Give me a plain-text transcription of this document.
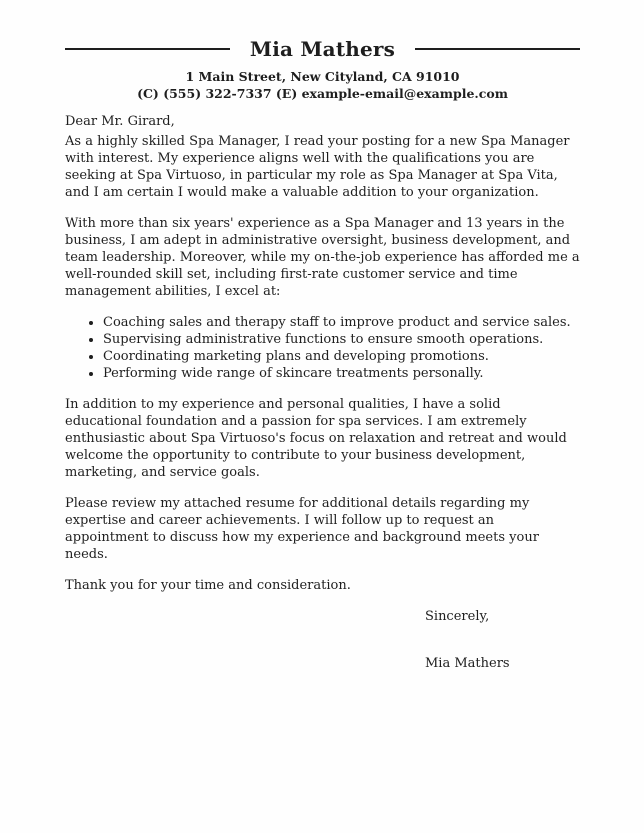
Mia Mathers
1 Main Street, New Cityland, CA 91010
(C) (555) 322-7337 (E) example-email@example.com

Dear Mr. Girard,

As a highly skilled Spa Manager, I read your posting for a new Spa Manager with interest. My experience aligns well with the qualifications you are seeking at Spa Virtuoso, in particular my role as Spa Manager at Spa Vita, and I am certain I would make a valuable addition to your organization.

With more than six years' experience as a Spa Manager and 13 years in the business, I am adept in administrative oversight, business development, and team leadership. Moreover, while my on-the-job experience has afforded me a well-rounded skill set, including first-rate customer service and time management abilities, I excel at:

• Coaching sales and therapy staff to improve product and service sales.
• Supervising administrative functions to ensure smooth operations.
• Coordinating marketing plans and developing promotions.
• Performing wide range of skincare treatments personally.

In addition to my experience and personal qualities, I have a solid educational foundation and a passion for spa services. I am extremely enthusiastic about Spa Virtuoso's focus on relaxation and retreat and would welcome the opportunity to contribute to your business development, marketing, and service goals.

Please review my attached resume for additional details regarding my expertise and career achievements. I will follow up to request an appointment to discuss how my experience and background meets your needs.

Thank you for your time and consideration.

Sincerely,

Mia Mathers
